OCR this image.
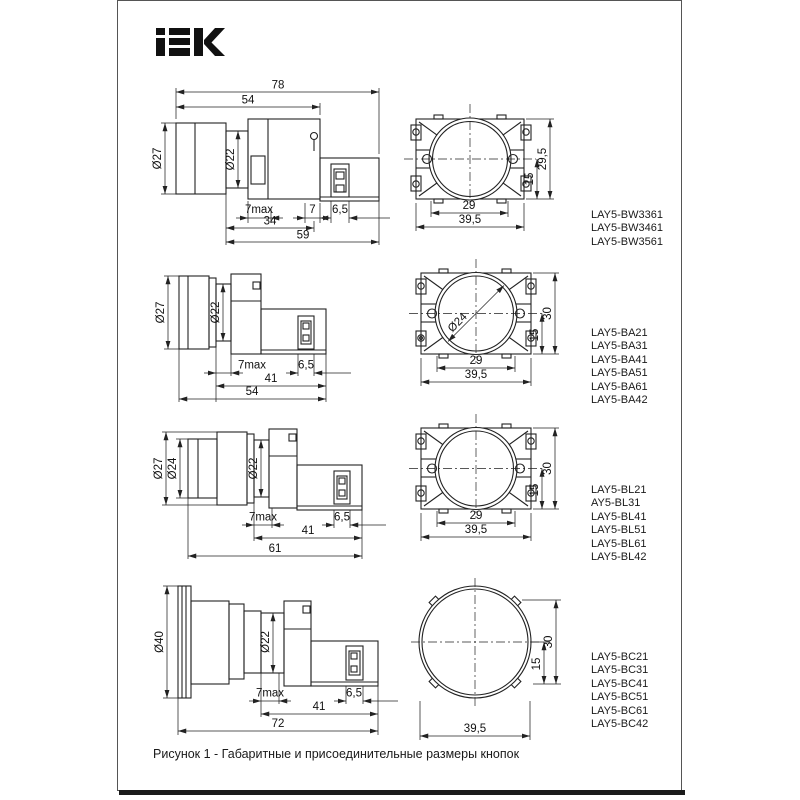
78
54
Ø27	Ø22
7max	7 6,5
34
59
29
39,5
15
29,5
Ø27	Ø22
7max	6,5
41
54
Ø24
29
39,5
15
30
Ø27 Ø24	Ø22
7max	6,5
41
61
29
39,5
15
30
Ø40	Ø22
7max	6,5
41
72	39,5
15
30
LAY5-BW3361
LAY5-BW3461
LAY5-BW3561
LAY5-BA21
LAY5-BA31
LAY5-BA41
LAY5-BA51
LAY5-BA61
LAY5-BA42
LAY5-BL21
AY5-BL31
LAY5-BL41
LAY5-BL51
LAY5-BL61
LAY5-BL42
LAY5-BC21
LAY5-BC31
LAY5-BC41
LAY5-BC51
LAY5-BC61
LAY5-BC42
Рисунок 1 - Габаритные и присоединительные размеры кнопок
